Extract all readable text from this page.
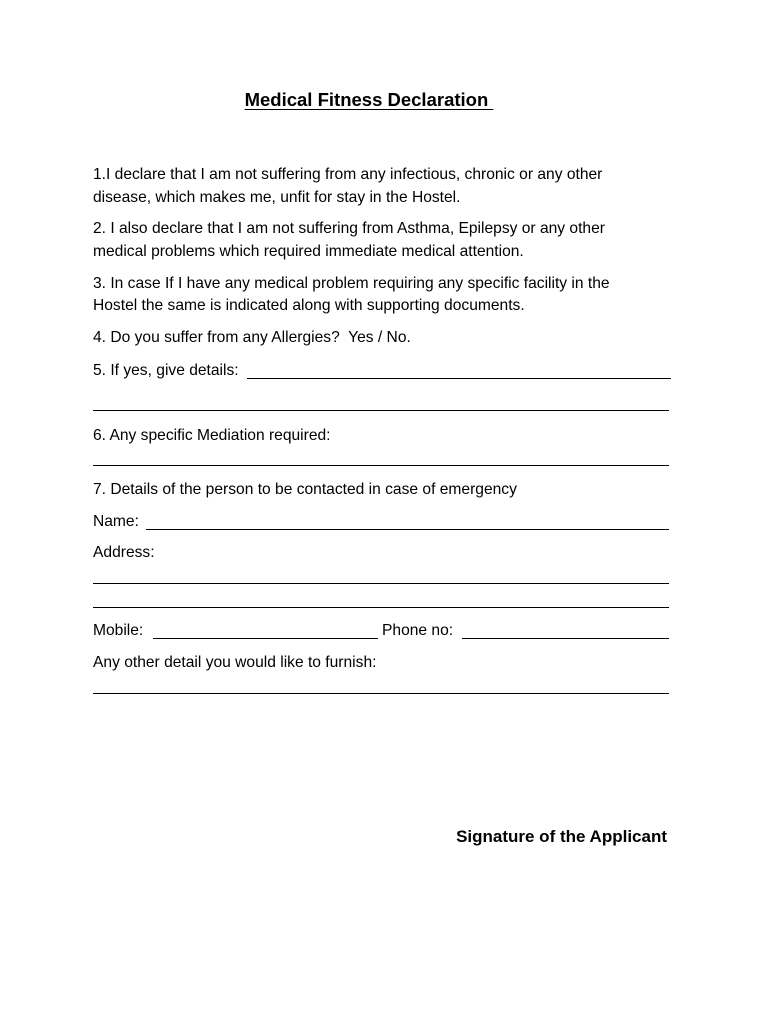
Medical Fitness Declaration
1.I declare that I am not suffering from any infectious, chronic or any other
disease, which makes me, unfit for stay in the Hostel.
2. I also declare that I am not suffering from Asthma, Epilepsy or any other
medical problems which required immediate medical attention.
3. In case If I have any medical problem requiring any specific facility in the
Hostel the same is indicated along with supporting documents.
4. Do you suffer from any Allergies?  Yes / No.
5. If yes, give details:
6. Any specific Mediation required:
7. Details of the person to be contacted in case of emergency
Name:
Address:
Mobile:	Phone no:
Any other detail you would like to furnish:
Signature of the Applicant
